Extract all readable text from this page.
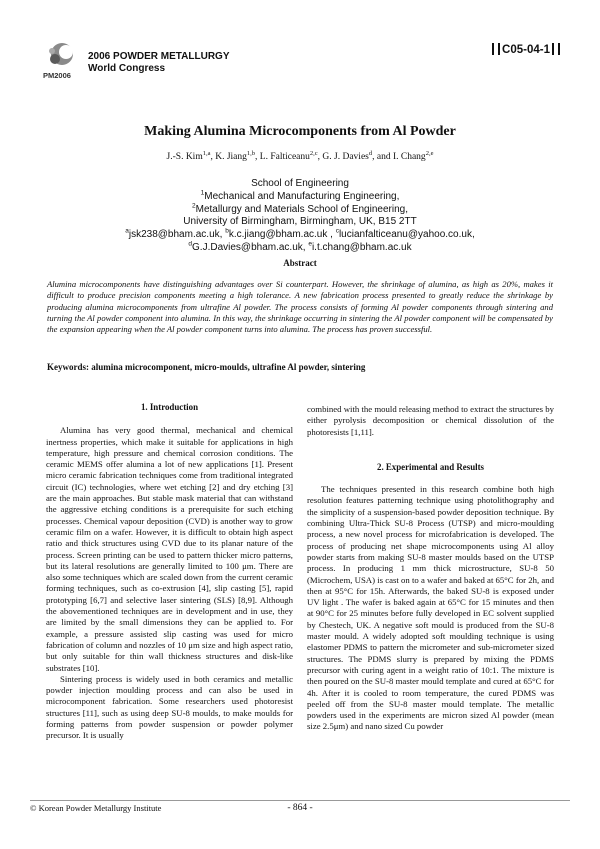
PM2006
2006 POWDER METALLURGY
World Congress
C05-04-1
Making Alumina Microcomponents from Al Powder
J.-S. Kim$^{1,a}$, K. Jiang$^{1,b}$, L. Falticeanu$^{2,c}$, G. J. Davies$^d$, and I. Chang$^{2,e}$
School of Engineering
$^1$Mechanical and Manufacturing Engineering,
$^2$Metallurgy and Materials School of Engineering,
University of Birmingham, Birmingham, UK, B15 2TT
$^a$jsk238@bham.ac.uk, $^b$k.c.jiang@bham.ac.uk , $^c$lucianfalticeanu@yahoo.co.uk,
$^d$G.J.Davies@bham.ac.uk, $^e$i.t.chang@bham.ac.uk
Abstract
Alumina microcomponents have distinguishing advantages over Si counterpart. However, the shrinkage of alumina, as high as 20%, makes it difficult to produce precision components meeting a high tolerance. A new fabrication process presented to greatly reduce the shrinkage by producing alumina microcomponents from ultrafine Al powder. The process consists of forming Al powder components through sintering and turning the Al powder component into alumina. In this way, the shrinkage occurring in sintering the Al powder component will be compensated by the expansion appearing when the Al powder component turns into alumina. The process has proven successful.
Keywords: alumina microcomponent, micro-moulds, ultrafine Al powder, sintering

1. Introduction

Alumina has very good thermal, mechanical and chemical inertness properties, which make it suitable for applications in high temperature, high pressure and chemical corrosion conditions. The ceramic MEMS offer alumina a lot of new applications [1]. Present micro ceramic fabrication techniques come from traditional integrated circuit (IC) technologies, where wet etching [2] and dry etching [3] are the main approaches. But stable mask material that can withstand the aggressive etching conditions is a prerequisite for such etching processes. Chemical vapour deposition (CVD) is another way to grow ceramic film on a wafer. However, it is difficult to obtain high aspect ratio and thick structures using CVD due to its planar nature of the process. Screen printing can be used to pattern thicker micro patterns, but its lateral resolutions are generally limited to 100 μm. There are also some techniques which are scaled down from the current ceramic forming techniques, such as co-extrusion [4], slip casting [5], rapid prototyping [6,7] and selective laser sintering (SLS) [8,9]. Although the abovementioned techniques are in development and in use, they are limited by the small dimensions they can be applied to. For example, a pressure assisted slip casting was used for micro fabrication of column and nozzles of 10 μm size and high aspect ratio, but only suitable for thin wall thickness structures and disk-like substrates [10].

Sintering process is widely used in both ceramics and metallic powder injection moulding process and can also be used in microcomponent fabrication. Some researchers used photoresist structures [11], such as using deep SU-8 moulds, to make moulds for forming patterns from powder suspension or powder polymer precursor. It is usually

combined with the mould releasing method to extract the structures by either pyrolysis decomposition or chemical dissolution of the photoresists [1,11].

2. Experimental and Results

The techniques presented in this research combine both high resolution features patterning technique using photolithography and the simplicity of a suspension-based powder deposition technique. By combining Ultra-Thick SU-8 Process (UTSP) and micro-moulding process, a new novel process for microfabrication is developed. The process of producing net shape microcomponents using Al alloy powder starts from making SU-8 master moulds based on the UTSP process. In producing 1 mm thick microstructure, SU-8 50 (Microchem, USA) is cast on to a wafer and baked at 65°C for 2h, and then at 95°C for 15h. Afterwards, the baked SU-8 is exposed under UV light . The wafer is baked again at 65°C for 15 minutes and then at 90°C for 25 minutes before fully developed in EC solvent supplied by Chestech, UK. A negative soft mould is produced from the SU-8 master mould. A widely adopted soft moulding technique is using elastomer PDMS to pattern the micrometer and sub-micrometer sized structures. The PDMS slurry is prepared by mixing the PDMS precursor with curing agent in a weight ratio of 10:1. The mixture is then poured on the SU-8 master mould template and cured at 65°C for 4h. After it is cooled to room temperature, the cured PDMS was peeled off from the SU-8 master mould template. The metallic powders used in the experiments are micron sized Al powder (mean size 2.5μm) and nano sized Cu powder

© Korean Powder Metallurgy Institute	- 864 -
